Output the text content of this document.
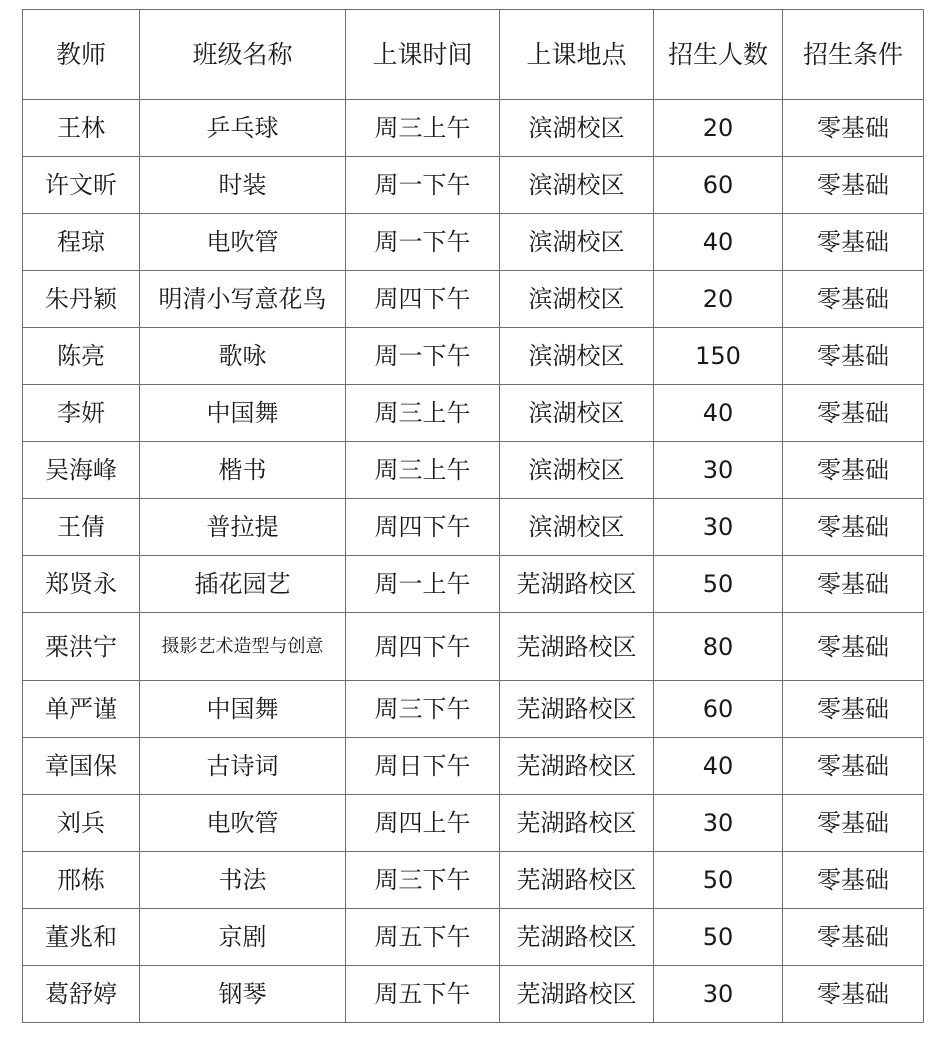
教师	班级名称	上课时间	上课地点	招生人数	招生条件
王林	乒乓球	周三上午	滨湖校区	20	零基础
许文昕	时装	周一下午	滨湖校区	60	零基础
程琼	电吹管	周一下午	滨湖校区	40	零基础
朱丹颖	明清小写意花鸟	周四下午	滨湖校区	20	零基础
陈亮	歌咏	周一下午	滨湖校区	150	零基础
李妍	中国舞	周三上午	滨湖校区	40	零基础
吴海峰	楷书	周三上午	滨湖校区	30	零基础
王倩	普拉提	周四下午	滨湖校区	30	零基础
郑贤永	插花园艺	周一上午	芜湖路校区	50	零基础
栗洪宁	摄影艺术造型与创意	周四下午	芜湖路校区	80	零基础
单严谨	中国舞	周三下午	芜湖路校区	60	零基础
章国保	古诗词	周日下午	芜湖路校区	40	零基础
刘兵	电吹管	周四上午	芜湖路校区	30	零基础
邢栋	书法	周三下午	芜湖路校区	50	零基础
董兆和	京剧	周五下午	芜湖路校区	50	零基础
葛舒婷	钢琴	周五下午	芜湖路校区	30	零基础
